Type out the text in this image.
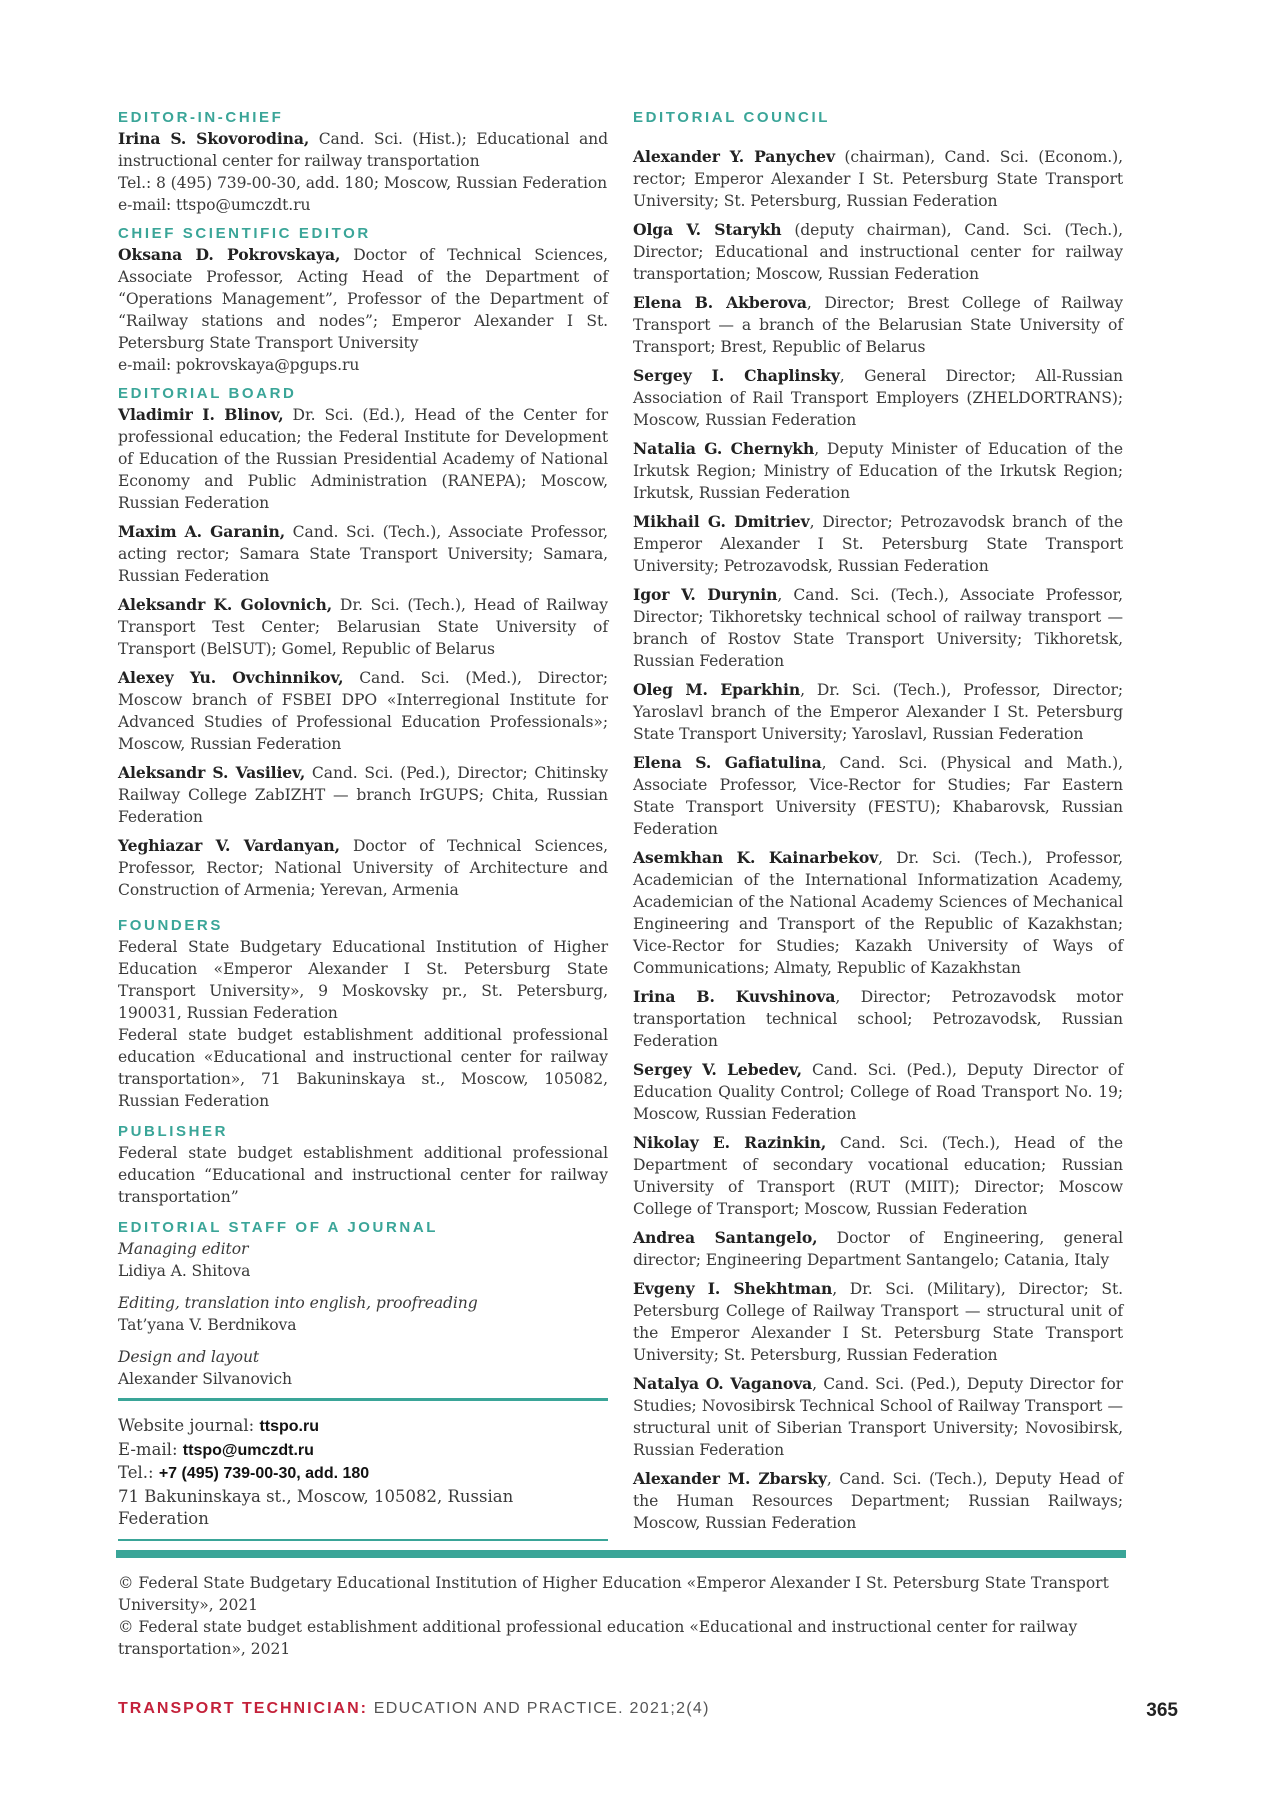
EDITOR-IN-CHIEF

Irina S. Skovorodina, Cand. Sci. (Hist.); Educational and instructional center for railway transportation

Tel.: 8 (495) 739-00-30, add. 180; Moscow, Russian Federation

e-mail: ttspo@umczdt.ru

CHIEF SCIENTIFIC EDITOR

Oksana D. Pokrovskaya, Doctor of Technical Sciences, Associate Professor, Acting Head of the Department of “Operations Management”, Professor of the Department of “Railway stations and nodes”; Emperor Alexander I St. Petersburg State Transport University

e-mail: pokrovskaya@pgups.ru

EDITORIAL BOARD

Vladimir I. Blinov, Dr. Sci. (Ed.), Head of the Center for professional education; the Federal Institute for Development of Education of the Russian Presidential Academy of National Economy and Public Administration (RANEPA); Moscow, Russian Federation

Maxim A. Garanin, Cand. Sci. (Tech.), Associate Professor, acting rector; Samara State Transport University; Samara, Russian Federation

Aleksandr K. Golovnich, Dr. Sci. (Tech.), Head of Railway Transport Test Center; Belarusian State University of Transport (BelSUT); Gomel, Republic of Belarus

Alexey Yu. Ovchinnikov, Cand. Sci. (Med.), Director; Moscow branch of FSBEI DPO «Interregional Institute for Advanced Studies of Professional Education Professionals»; Moscow, Russian Federation

Aleksandr S. Vasiliev, Cand. Sci. (Ped.), Director; Chitinsky Railway College ZabIZHT — branch IrGUPS; Chita, Russian Federation

Yeghiazar V. Vardanyan, Doctor of Technical Sciences, Professor, Rector; National University of Architecture and Construction of Armenia; Yerevan, Armenia

FOUNDERS

Federal State Budgetary Educational Institution of Higher Education «Emperor Alexander I St. Petersburg State Transport University», 9 Moskovsky pr., St. Petersburg, 190031, Russian Federation

Federal state budget establishment additional professional education «Educational and instructional center for railway transportation», 71 Bakuninskaya st., Moscow, 105082, Russian Federation

PUBLISHER

Federal state budget establishment additional professional education “Educational and instructional center for railway transportation”

EDITORIAL STAFF OF A JOURNAL

Managing editor

Lidiya A. Shitova

Editing, translation into english, proofreading

Tat’yana V. Berdnikova

Design and layout

Alexander Silvanovich

Website journal: ttspo.ru

E-mail: ttspo@umczdt.ru

Tel.: +7 (495) 739-00-30, add. 180

71 Bakuninskaya st., Moscow, 105082, Russian Federation

EDITORIAL COUNCIL

Alexander Y. Panychev (chairman), Cand. Sci. (Econom.), rector; Emperor Alexander I St. Petersburg State Transport University; St. Petersburg, Russian Federation

Olga V. Starykh (deputy chairman), Cand. Sci. (Tech.), Director; Educational and instructional center for railway transportation; Moscow, Russian Federation

Elena B. Akberova, Director; Brest College of Railway Transport — a branch of the Belarusian State University of Transport; Brest, Republic of Belarus

Sergey I. Chaplinsky, General Director; All-Russian Association of Rail Transport Employers (ZHELDORTRANS); Moscow, Russian Federation

Natalia G. Chernykh, Deputy Minister of Education of the Irkutsk Region; Ministry of Education of the Irkutsk Region; Irkutsk, Russian Federation

Mikhail G. Dmitriev, Director; Petrozavodsk branch of the Emperor Alexander I St. Petersburg State Transport University; Petrozavodsk, Russian Federation

Igor V. Durynin, Cand. Sci. (Tech.), Associate Professor, Director; Tikhoretsky technical school of railway transport — branch of Rostov State Transport University; Tikhoretsk, Russian Federation

Oleg M. Eparkhin, Dr. Sci. (Tech.), Professor, Director; Yaroslavl branch of the Emperor Alexander I St. Petersburg State Transport University; Yaroslavl, Russian Federation

Elena S. Gafiatulina, Cand. Sci. (Physical and Math.), Associate Professor, Vice-Rector for Studies; Far Eastern State Transport University (FESTU); Khabarovsk, Russian Federation

Asemkhan K. Kainarbekov, Dr. Sci. (Tech.), Professor, Academician of the International Informatization Academy, Academician of the National Academy Sciences of Mechanical Engineering and Transport of the Republic of Kazakhstan; Vice-Rector for Studies; Kazakh University of Ways of Communications; Almaty, Republic of Kazakhstan

Irina B. Kuvshinova, Director; Petrozavodsk motor transportation technical school; Petrozavodsk, Russian Federation

Sergey V. Lebedev, Cand. Sci. (Ped.), Deputy Director of Education Quality Control; College of Road Transport No. 19; Moscow, Russian Federation

Nikolay E. Razinkin, Cand. Sci. (Tech.), Head of the Department of secondary vocational education; Russian University of Transport (RUT (MIIT); Director; Moscow College of Transport; Moscow, Russian Federation

Andrea Santangelo, Doctor of Engineering, general director; Engineering Department Santangelo; Catania, Italy

Evgeny I. Shekhtman, Dr. Sci. (Military), Director; St. Petersburg College of Railway Transport — structural unit of the Emperor Alexander I St. Petersburg State Transport University; St. Petersburg, Russian Federation

Natalya O. Vaganova, Cand. Sci. (Ped.), Deputy Director for Studies; Novosibirsk Technical School of Railway Transport — structural unit of Siberian Transport University; Novosibirsk, Russian Federation

Alexander M. Zbarsky, Cand. Sci. (Tech.), Deputy Head of the Human Resources Department; Russian Railways; Moscow, Russian Federation

© Federal State Budgetary Educational Institution of Higher Education «Emperor Alexander I St. Petersburg State Transport University», 2021
© Federal state budget establishment additional professional education «Educational and instructional center for railway transportation», 2021
TRANSPORT TECHNICIAN: EDUCATION AND PRACTICE. 2021;2(4)	365
